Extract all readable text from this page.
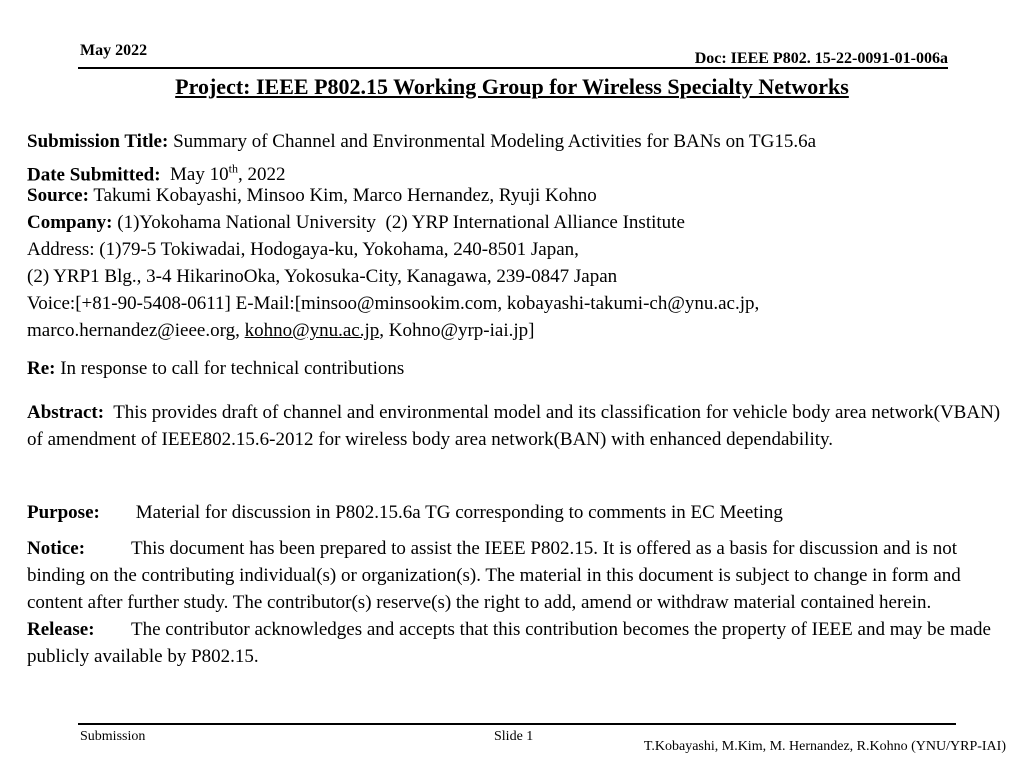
May 2022	Doc: IEEE P802. 15-22-0091-01-006a
Project: IEEE P802.15 Working Group for Wireless Specialty Networks
Submission Title: Summary of Channel and Environmental Modeling Activities for BANs on TG15.6a
Date Submitted: May 10th, 2022
Source: Takumi Kobayashi, Minsoo Kim, Marco Hernandez, Ryuji Kohno
Company: (1)Yokohama National University  (2) YRP International Alliance Institute
Address: (1)79-5 Tokiwadai, Hodogaya-ku, Yokohama, 240-8501 Japan,
(2) YRP1 Blg., 3-4 HikarinoOka, Yokosuka-City, Kanagawa, 239-0847 Japan
Voice:[+81-90-5408-0611] E-Mail:[minsoo@minsookim.com, kobayashi-takumi-ch@ynu.ac.jp,
marco.hernandez@ieee.org, kohno@ynu.ac.jp, Kohno@yrp-iai.jp]
Re: In response to call for technical contributions
Abstract: This provides draft of channel and environmental model and its classification for vehicle body area network(VBAN) of amendment of IEEE802.15.6-2012 for wireless body area network(BAN) with enhanced dependability.
Purpose: Material for discussion in P802.15.6a TG corresponding to comments in EC Meeting
Notice: This document has been prepared to assist the IEEE P802.15. It is offered as a basis for discussion and is not binding on the contributing individual(s) or organization(s). The material in this document is subject to change in form and content after further study. The contributor(s) reserve(s) the right to add, amend or withdraw material contained herein.
Release: The contributor acknowledges and accepts that this contribution becomes the property of IEEE and may be made publicly available by P802.15.
Submission	Slide 1
T.Kobayashi, M.Kim, M. Hernandez, R.Kohno (YNU/YRP-IAI)
